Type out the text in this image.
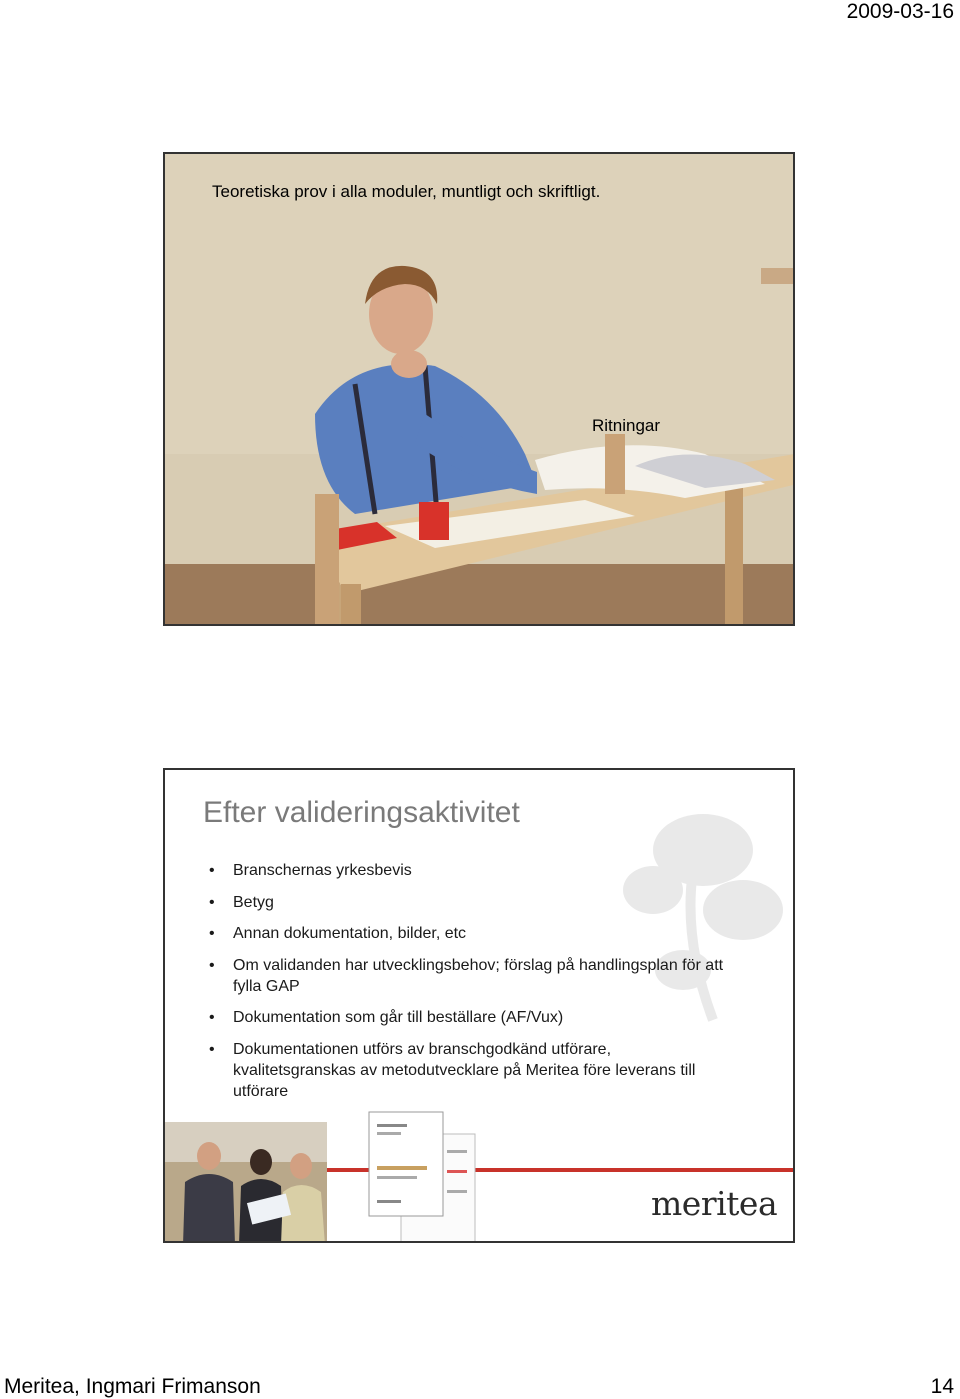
2009-03-16
Teoretiska prov i alla moduler, muntligt och skriftligt.
Ritningar
Efter valideringsaktivitet
• Branschernas yrkesbevis
• Betyg
• Annan dokumentation, bilder, etc
• Om validanden har utvecklingsbehov; förslag på handlingsplan för att fylla GAP
• Dokumentation som går till beställare (AF/Vux)
• Dokumentationen utförs av branschgodkänd utförare, kvalitetsgranskas av metodutvecklare på Meritea före leverans till utförare
meritea
Meritea, Ingmari Frimanson	14
